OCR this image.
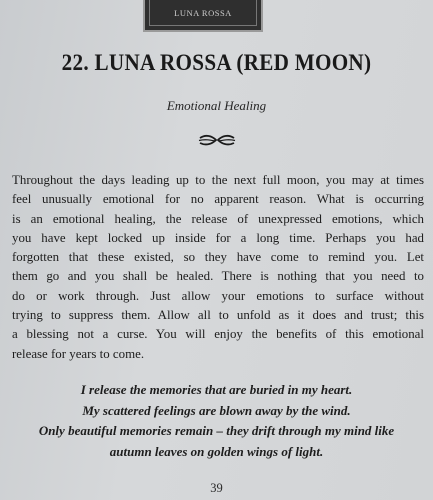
LUNA ROSSA
22. LUNA ROSSA (RED MOON)
Emotional Healing
Throughout the days leading up to the next full moon, you may at times
feel unusually emotional for no apparent reason. What is occurring
is an emotional healing, the release of unexpressed emotions, which
you have kept locked up inside for a long time. Perhaps you had
forgotten that these existed, so they have come to remind you. Let
them go and you shall be healed. There is nothing that you need to
do or work through. Just allow your emotions to surface without
trying to suppress them. Allow all to unfold as it does and trust; this
a blessing not a curse. You will enjoy the benefits of this emotional
release for years to come.
I release the memories that are buried in my heart.
My scattered feelings are blown away by the wind.
Only beautiful memories remain – they drift through my mind like
autumn leaves on golden wings of light.
39
